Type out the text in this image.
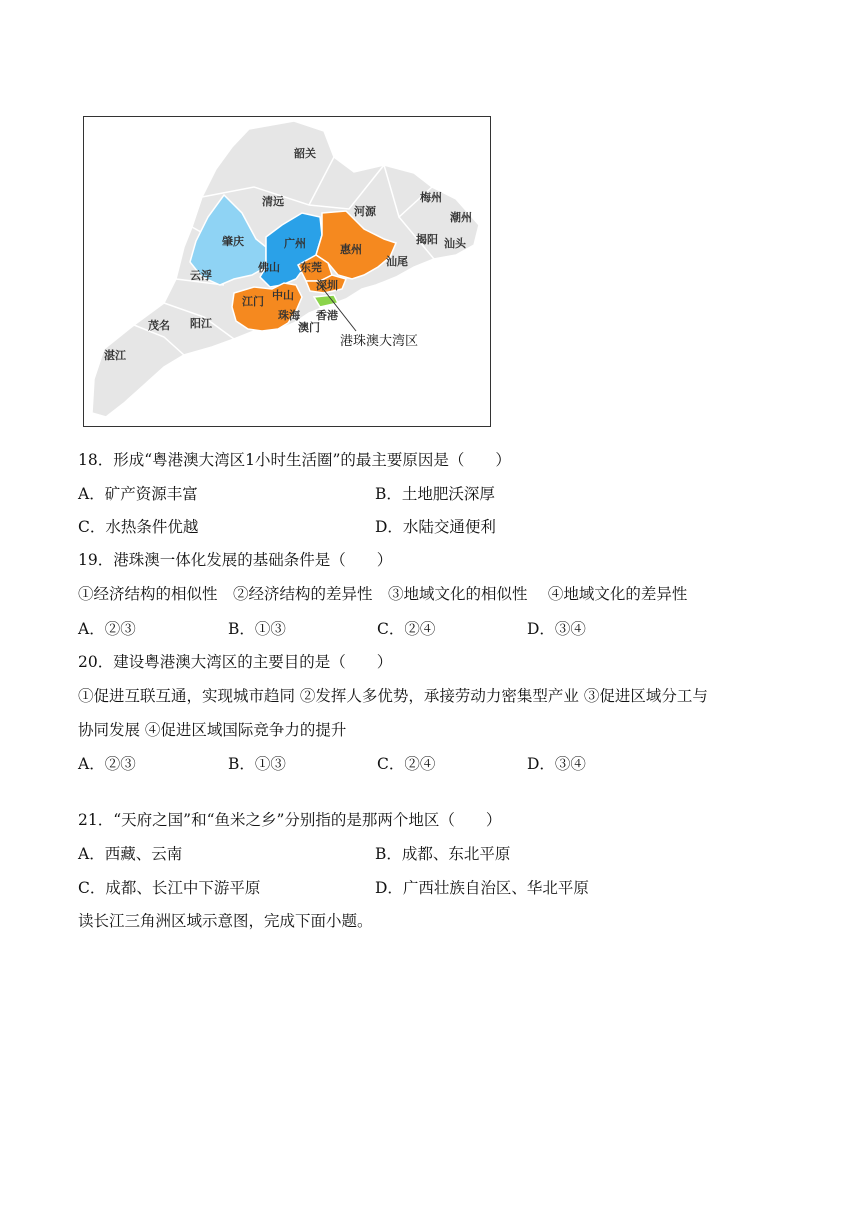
韶关
清远
河源
梅州
潮州
揭阳 汕头
汕尾
肇庆	广州	惠州
佛山 东莞
深圳
云浮
中山
江门
珠海 香港
澳门
茂名 阳江
湛江
港珠澳大湾区
18．形成“粤港澳大湾区1小时生活圈”的最主要原因是（　　）
A．矿产资源丰富	B．土地肥沃深厚
C．水热条件优越	D．水陆交通便利
19．港珠澳一体化发展的基础条件是（　　）
①经济结构的相似性　②经济结构的差异性　③地域文化的相似性　 ④地域文化的差异性
A．②③	B．①③	C．②④	D．③④
20．建设粤港澳大湾区的主要目的是（　　）
①促进互联互通，实现城市趋同 ②发挥人多优势，承接劳动力密集型产业 ③促进区域分工与
协同发展 ④促进区域国际竞争力的提升
A．②③	B．①③	C．②④	D．③④
21．“天府之国”和“鱼米之乡”分别指的是那两个地区（　　）
A．西藏、云南	B．成都、东北平原
C．成都、长江中下游平原	D．广西壮族自治区、华北平原
读长江三角洲区域示意图，完成下面小题。
